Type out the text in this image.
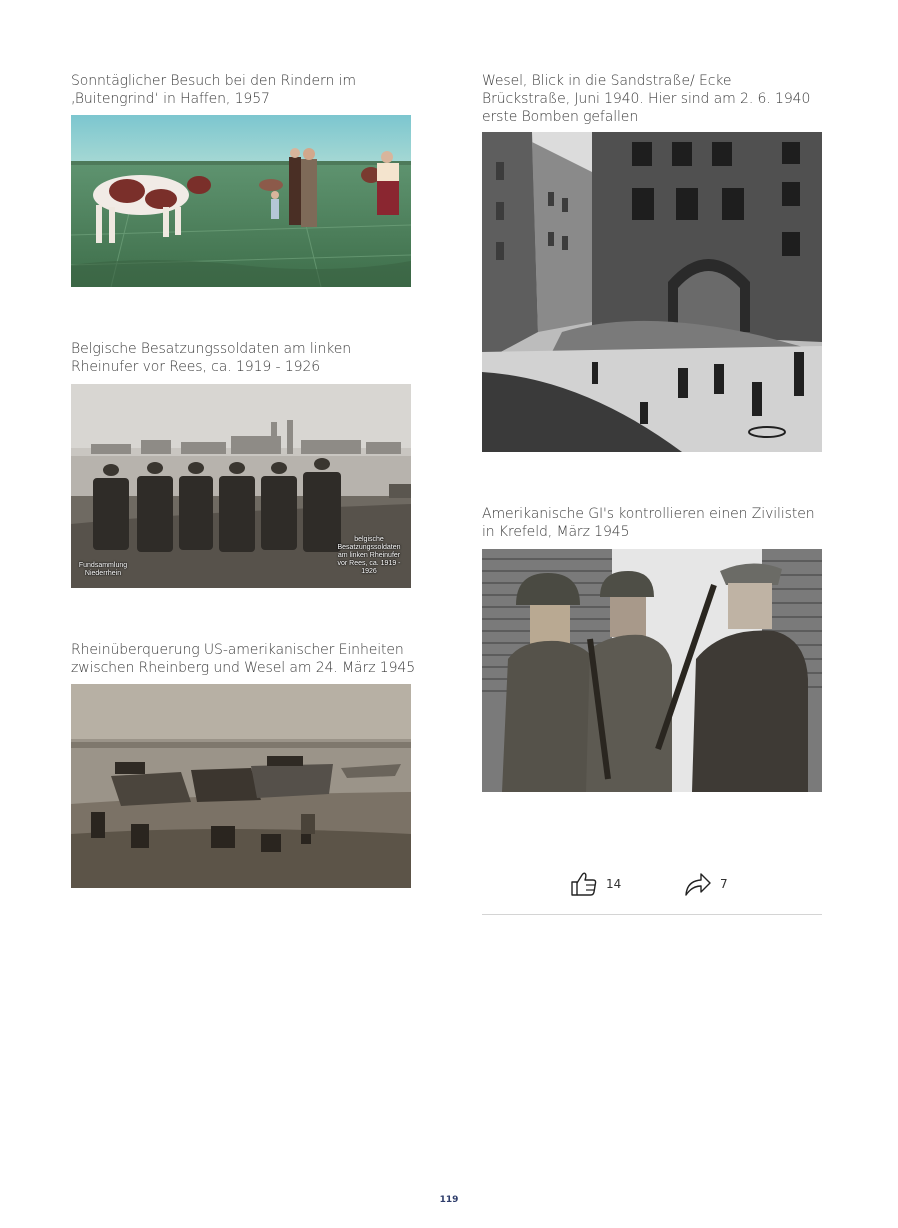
Sonntäglicher Besuch bei den Rindern im ‚Buitengrind‘ in Haffen, 1957
Belgische Besatzungssoldaten am linken Rheinufer vor Rees, ca. 1919 - 1926
belgische Besatzungssoldaten am linken Rheinufer vor Rees, ca. 1919 - 1926
Fundsammlung Niederrhein
Rheinüberquerung US-amerikanischer Einheiten zwischen Rheinberg und Wesel am 24. März 1945
Wesel, Blick in die Sandstraße/ Ecke Brückstraße, Juni 1940. Hier sind am 2. 6. 1940 erste Bomben gefallen
Amerikanische GI's kontrollieren einen Zivilisten in Krefeld, März 1945
14	7
119
